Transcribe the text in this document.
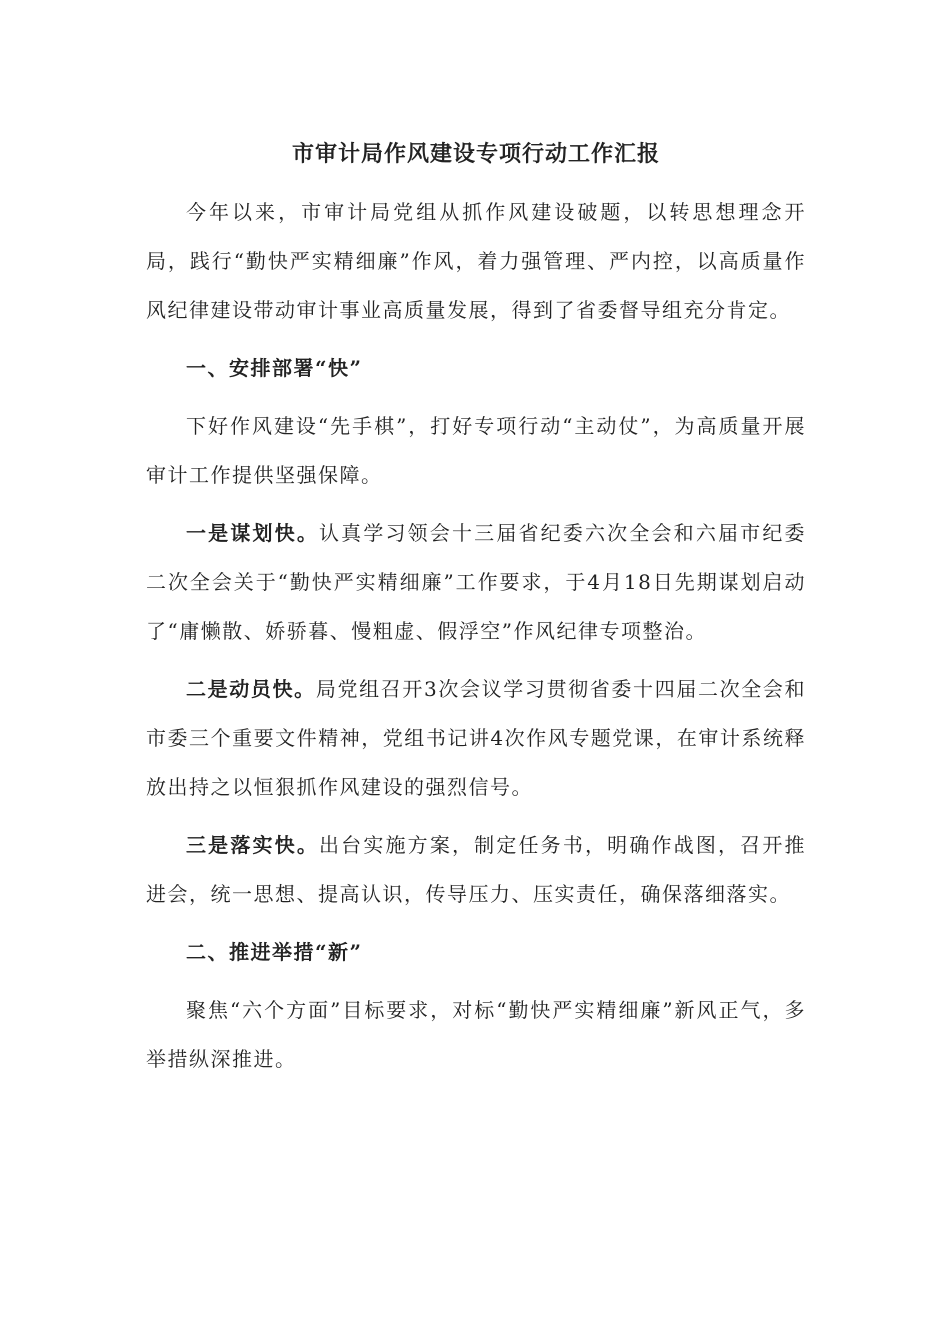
市审计局作风建设专项行动工作汇报

今年以来，市审计局党组从抓作风建设破题，以转思想理念开局，践行“勤快严实精细廉”作风，着力强管理、严内控，以高质量作风纪律建设带动审计事业高质量发展，得到了省委督导组充分肯定。

一、安排部署“快”

下好作风建设“先手棋”，打好专项行动“主动仗”，为高质量开展审计工作提供坚强保障。

一是谋划快。认真学习领会十三届省纪委六次全会和六届市纪委二次全会关于“勤快严实精细廉”工作要求，于4月18日先期谋划启动了“庸懒散、娇骄暮、慢粗虚、假浮空”作风纪律专项整治。

二是动员快。局党组召开3次会议学习贯彻省委十四届二次全会和市委三个重要文件精神，党组书记讲4次作风专题党课，在审计系统释放出持之以恒狠抓作风建设的强烈信号。

三是落实快。出台实施方案，制定任务书，明确作战图，召开推进会，统一思想、提高认识，传导压力、压实责任，确保落细落实。

二、推进举措“新”

聚焦“六个方面”目标要求，对标“勤快严实精细廉”新风正气，多举措纵深推进。
